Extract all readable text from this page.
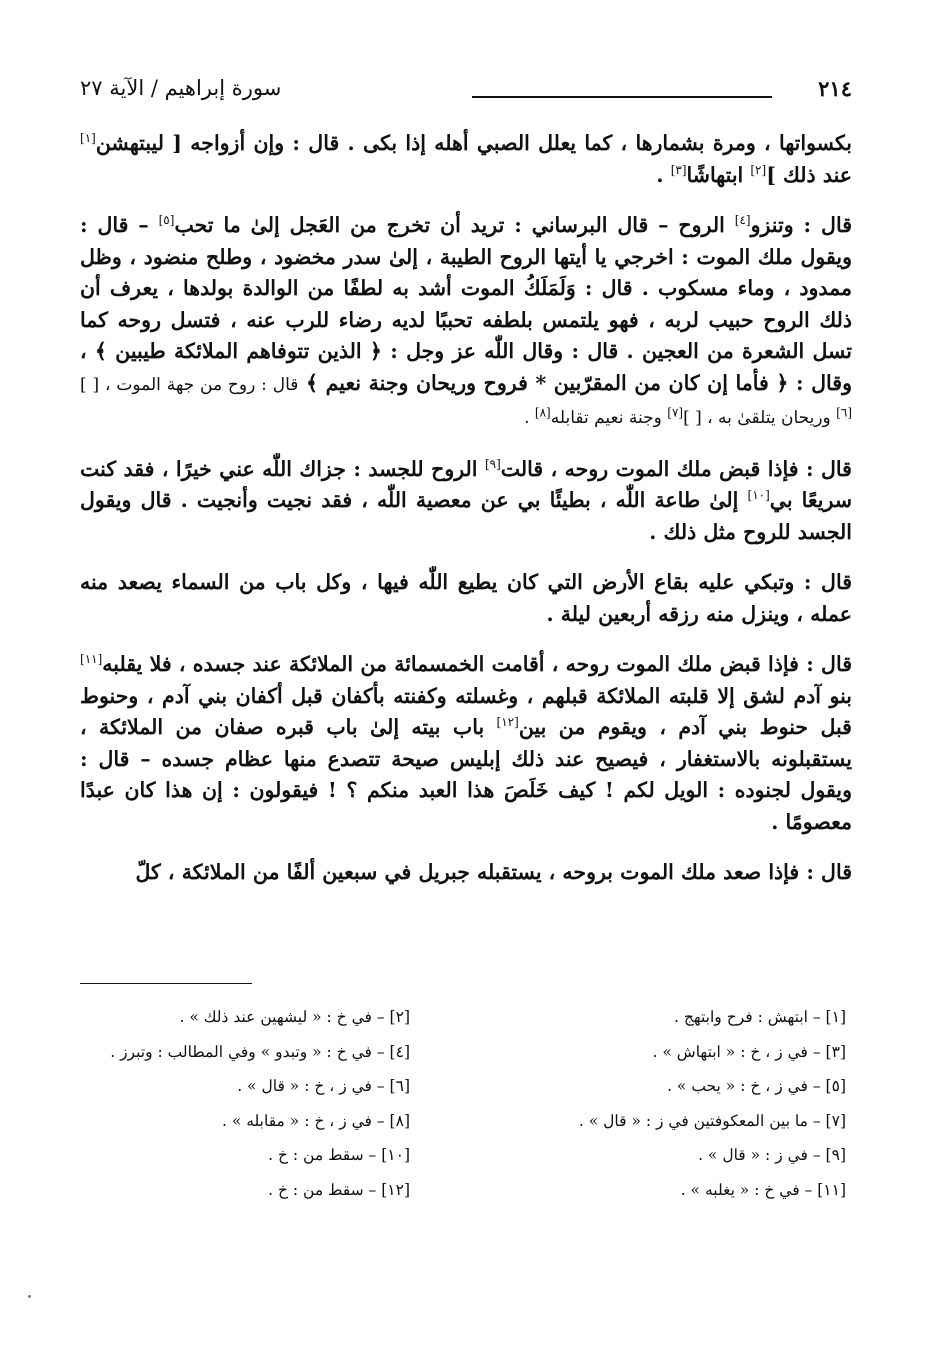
٢١٤
سورة إبراهيم / الآية ٢٧

بكسواتها ، ومرة بشمارها ، كما يعلل الصبي أهله إذا بكى . قال : وإن أزواجه [ ليبتهشن[١] عند ذلك ][٢] ابتهاشًا[٣] .

قال : وتنزو[٤] الروح – قال البرساني : تريد أن تخرج من العَجل إلىٰ ما تحب[٥] – قال : ويقول ملك الموت : اخرجي يا أيتها الروح الطيبة ، إلىٰ سدر مخضود ، وطلح منضود ، وظل ممدود ، وماء مسكوب . قال : وَلَمَلَكُ الموت أشد به لطفًا من الوالدة بولدها ، يعرف أن ذلك الروح حبيب لربه ، فهو يلتمس بلطفه تحببًا لديه رضاء للرب عنه ، فتسل روحه كما تسل الشعرة من العجين . قال : وقال اللّٰه عز وجل : ﴿ الذين تتوفاهم الملائكة طيبين ﴾ ، وقال : ﴿ فأما إن كان من المقرّبين * فروح وريحان وجنة نعيم ﴾ قال : روح من جهة الموت ، [ ][٦] وريحان يتلقىٰ به ، [ ][٧] وجنة نعيم تقابله[٨] .

قال : فإذا قبض ملك الموت روحه ، قالت[٩] الروح للجسد : جزاك اللّٰه عني خيرًا ، فقد كنت سريعًا بي[١٠] إلىٰ طاعة اللّٰه ، بطيئًا بي عن معصية اللّٰه ، فقد نجيت وأنجيت . قال ويقول الجسد للروح مثل ذلك .

قال : وتبكي عليه بقاع الأرض التي كان يطيع اللّٰه فيها ، وكل باب من السماء يصعد منه عمله ، وينزل منه رزقه أربعين ليلة .

قال : فإذا قبض ملك الموت روحه ، أقامت الخمسمائة من الملائكة عند جسده ، فلا يقلبه[١١] بنو آدم لشق إلا قلبته الملائكة قبلهم ، وغسلته وكفنته بأكفان قبل أكفان بني آدم ، وحنوط قبل حنوط بني آدم ، ويقوم من بين[١٢] باب بيته إلىٰ باب قبره صفان من الملائكة ، يستقبلونه بالاستغفار ، فيصيح عند ذلك إبليس صيحة تتصدع منها عظام جسده – قال : ويقول لجنوده : الويل لكم ! كيف خَلَصَ هذا العبد منكم ؟ ! فيقولون : إن هذا كان عبدًا معصومًا .

قال : فإذا صعد ملك الموت بروحه ، يستقبله جبريل في سبعين ألفًا من الملائكة ، كلّ

[١] – ابتهش : فرح وابتهج .
[٢] – في خ : « ليشهين عند ذلك » .
[٣] – في ز ، خ : « ابتهاش » .
[٤] – في خ : « وتبدو » وفي المطالب : وتبرز .
[٥] – في ز ، خ : « يحب » .
[٦] – في ز ، خ : « قال » .
[٧] – ما بين المعكوفتين في ز : « قال » .
[٨] – في ز ، خ : « مقابله » .
[٩] – في ز : « قال » .
[١٠] – سقط من : خ .
[١١] – في خ : « يغلبه » .
[١٢] – سقط من : خ .
